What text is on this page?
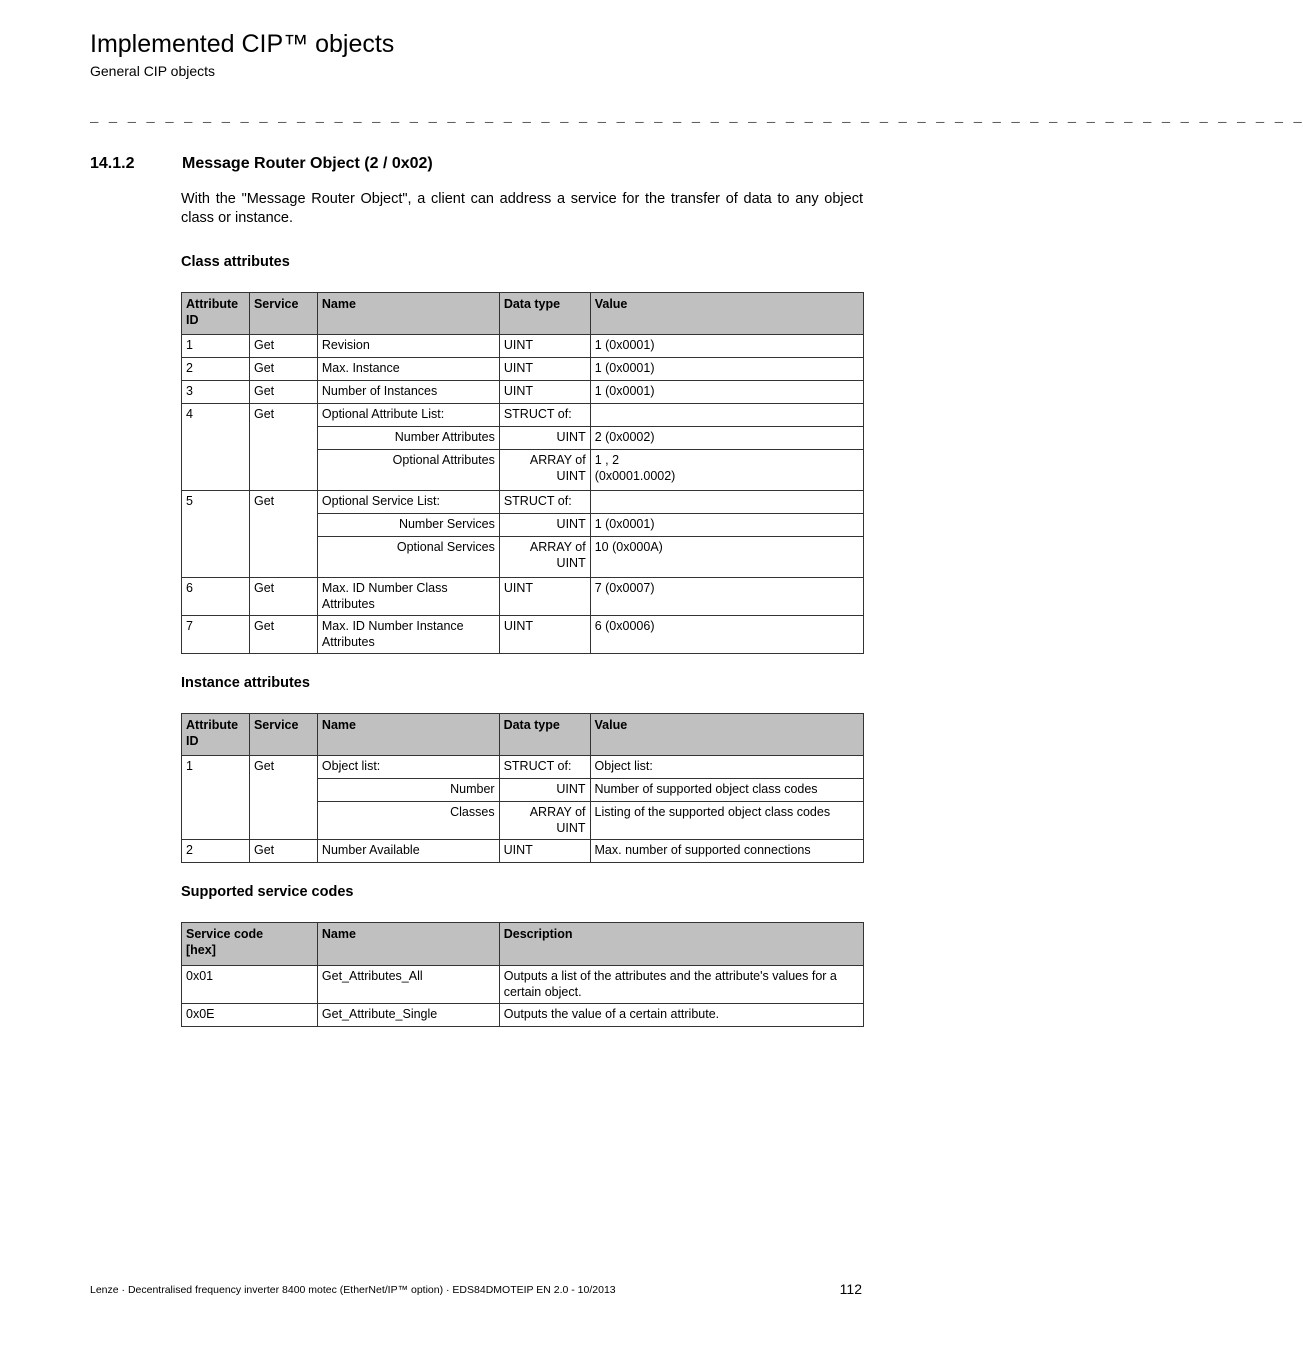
Implemented CIP™ objects
General CIP objects
_ _ _ _ _ _ _ _ _ _ _ _ _ _ _ _ _ _ _ _ _ _ _ _ _ _ _ _ _ _ _ _ _ _ _ _ _ _ _ _ _ _ _ _ _ _ _ _ _ _ _ _ _ _ _ _ _ _ _ _ _ _ _ _ _
14.1.2	Message Router Object (2 / 0x02)
With the "Message Router Object", a client can address a service for the transfer of data to any object class or instance.
Class attributes
Attribute ID	Service	Name	Data type	Value
1	Get	Revision	UINT	1 (0x0001)
2	Get	Max. Instance	UINT	1 (0x0001)
3	Get	Number of Instances	UINT	1 (0x0001)
4	Get	Optional Attribute List:	STRUCT of:	
		Number Attributes	UINT	2 (0x0002)
		Optional Attributes	ARRAY of UINT	1 , 2 (0x0001.0002)
5	Get	Optional Service List:	STRUCT of:	
		Number Services	UINT	1 (0x0001)
		Optional Services	ARRAY of UINT	10 (0x000A)
6	Get	Max. ID Number Class Attributes	UINT	7 (0x0007)
7	Get	Max. ID Number Instance Attributes	UINT	6 (0x0006)
Instance attributes
Attribute ID	Service	Name	Data type	Value
1	Get	Object list:	STRUCT of:	Object list:
		Number	UINT	Number of supported object class codes
		Classes	ARRAY of UINT	Listing of the supported object class codes
2	Get	Number Available	UINT	Max. number of supported connections
Supported service codes
Service code [hex]	Name	Description
0x01	Get_Attributes_All	Outputs a list of the attributes and the attribute's values for a certain object.
0x0E	Get_Attribute_Single	Outputs the value of a certain attribute.
Lenze · Decentralised frequency inverter 8400 motec (EtherNet/IP™ option) · EDS84DMOTEIP EN 2.0 - 10/2013	112
